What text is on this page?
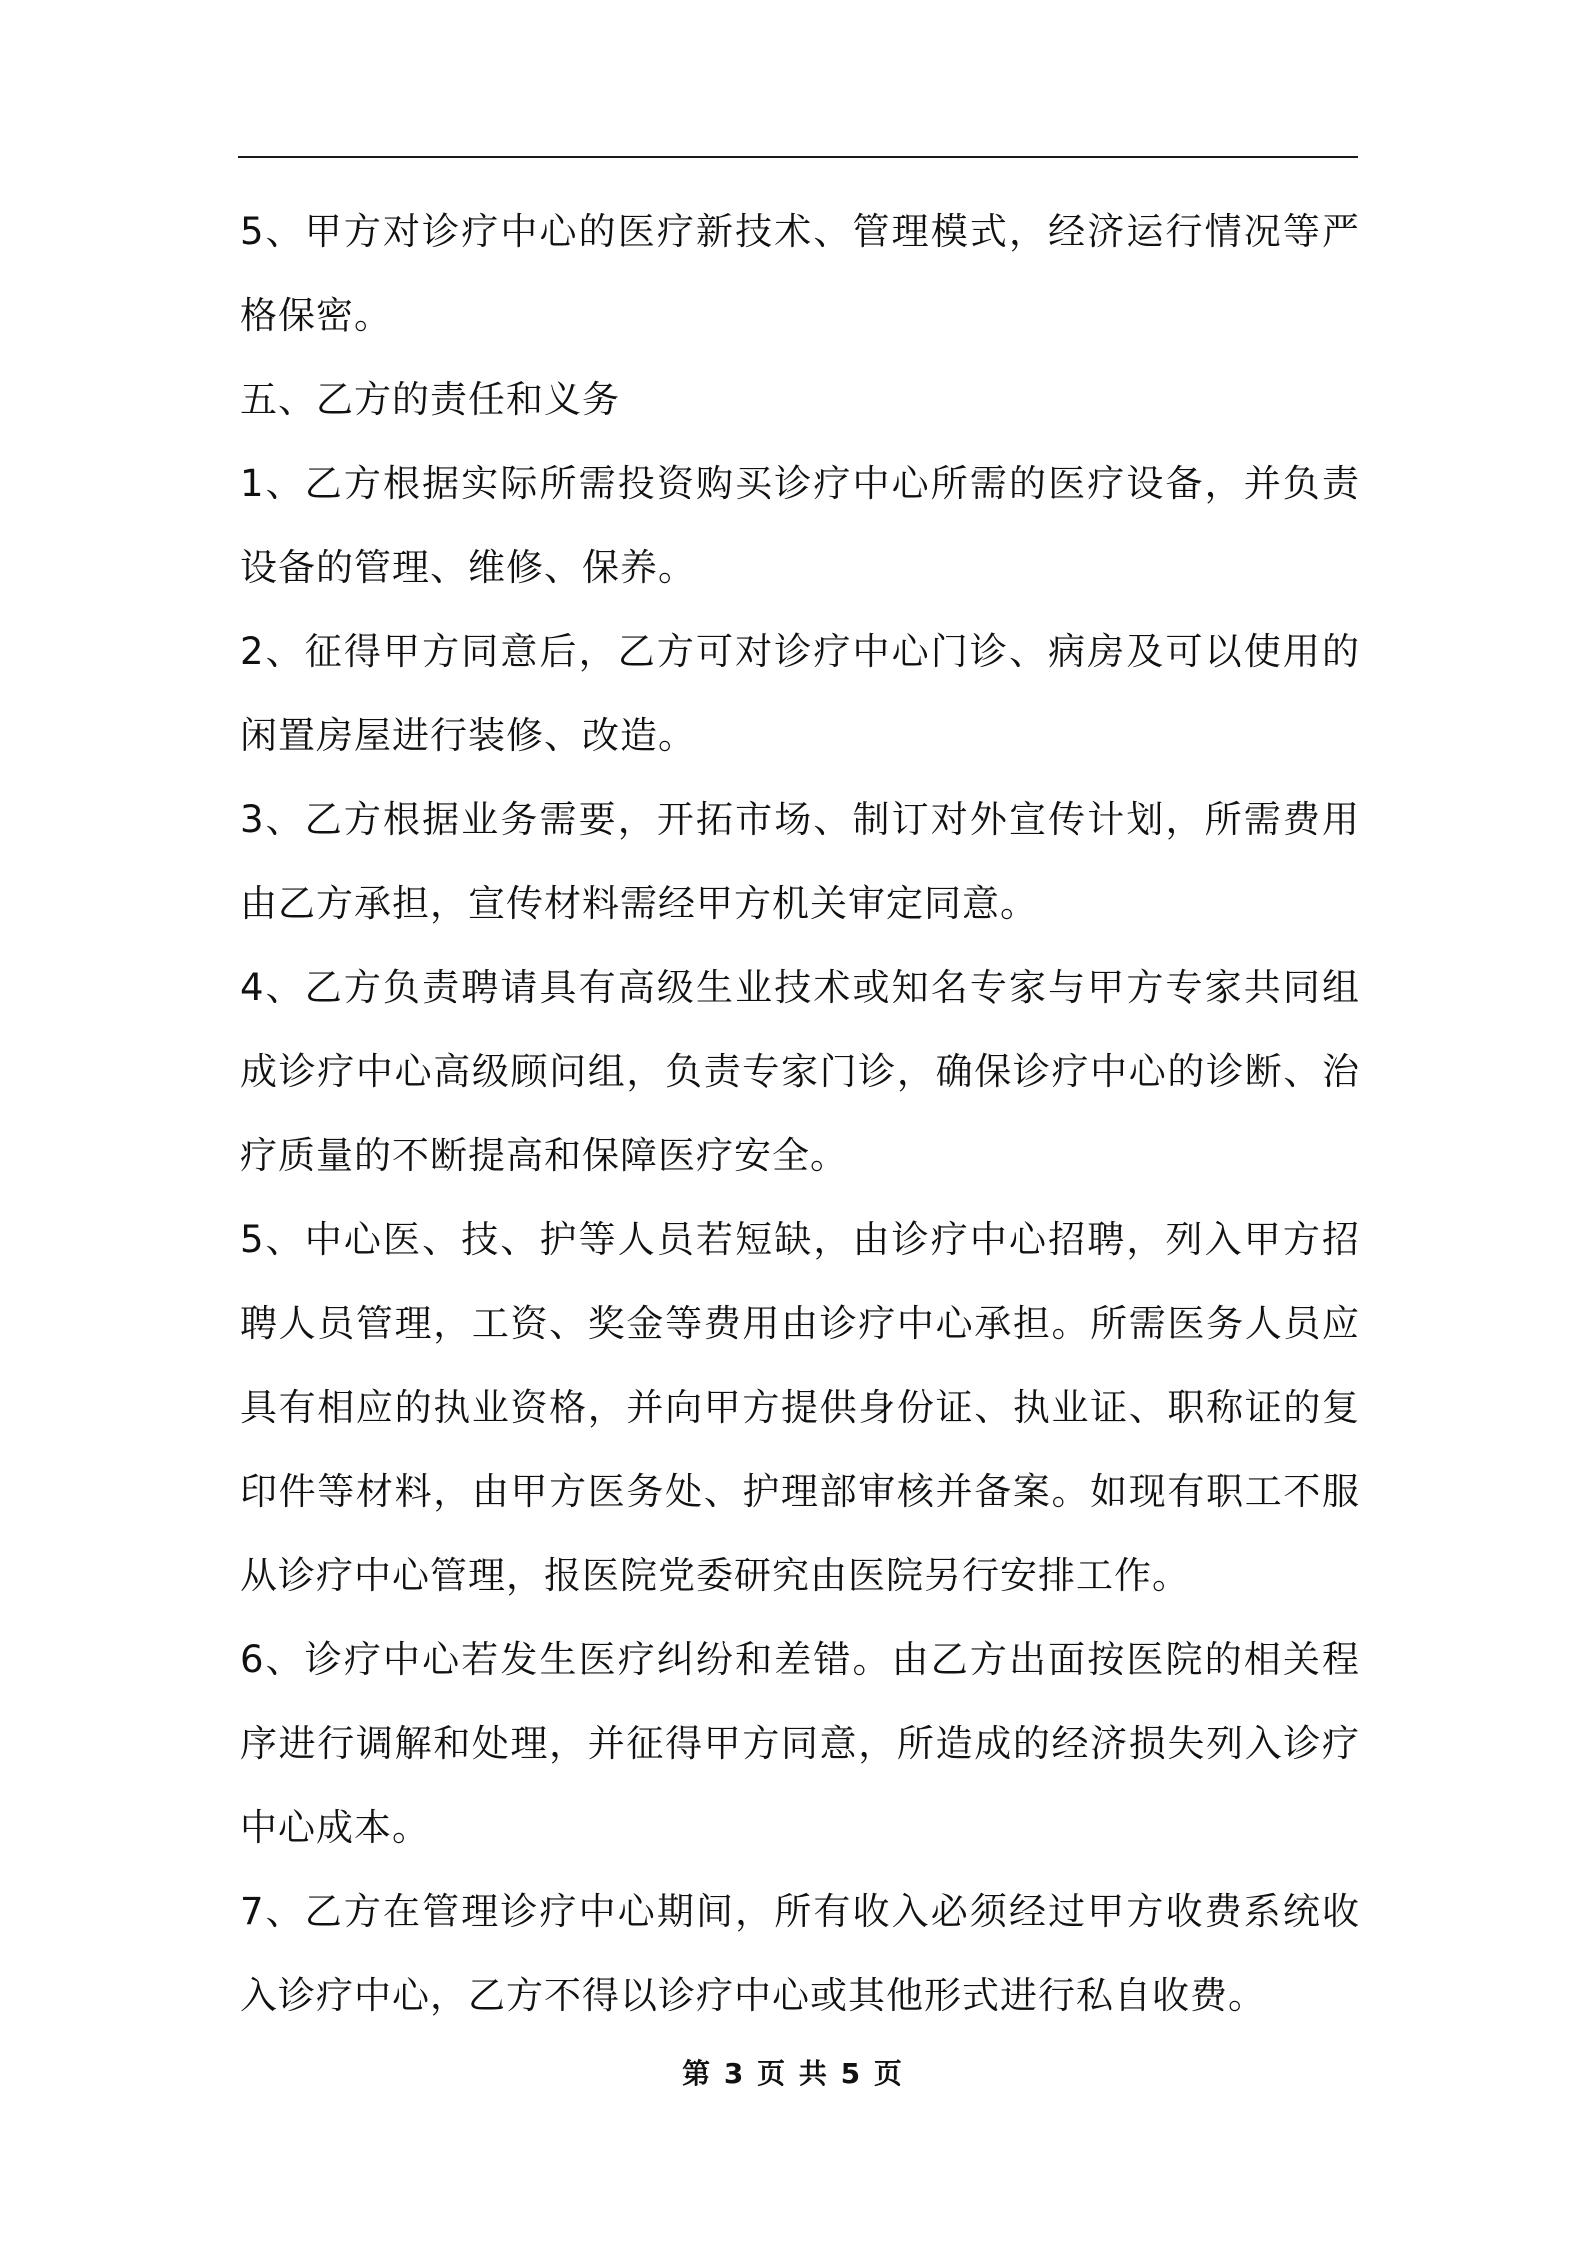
5、甲方对诊疗中心的医疗新技术、管理模式，经济运行情况等严格保密。

五、乙方的责任和义务

1、乙方根据实际所需投资购买诊疗中心所需的医疗设备，并负责设备的管理、维修、保养。

2、征得甲方同意后，乙方可对诊疗中心门诊、病房及可以使用的闲置房屋进行装修、改造。

3、乙方根据业务需要，开拓市场、制订对外宣传计划，所需费用由乙方承担，宣传材料需经甲方机关审定同意。

4、乙方负责聘请具有高级生业技术或知名专家与甲方专家共同组成诊疗中心高级顾问组，负责专家门诊，确保诊疗中心的诊断、治疗质量的不断提高和保障医疗安全。

5、中心医、技、护等人员若短缺，由诊疗中心招聘，列入甲方招聘人员管理，工资、奖金等费用由诊疗中心承担。所需医务人员应具有相应的执业资格，并向甲方提供身份证、执业证、职称证的复印件等材料，由甲方医务处、护理部审核并备案。如现有职工不服从诊疗中心管理，报医院党委研究由医院另行安排工作。

6、诊疗中心若发生医疗纠纷和差错。由乙方出面按医院的相关程序进行调解和处理，并征得甲方同意，所造成的经济损失列入诊疗中心成本。

7、乙方在管理诊疗中心期间，所有收入必须经过甲方收费系统收入诊疗中心，乙方不得以诊疗中心或其他形式进行私自收费。

第 3 页 共 5 页
